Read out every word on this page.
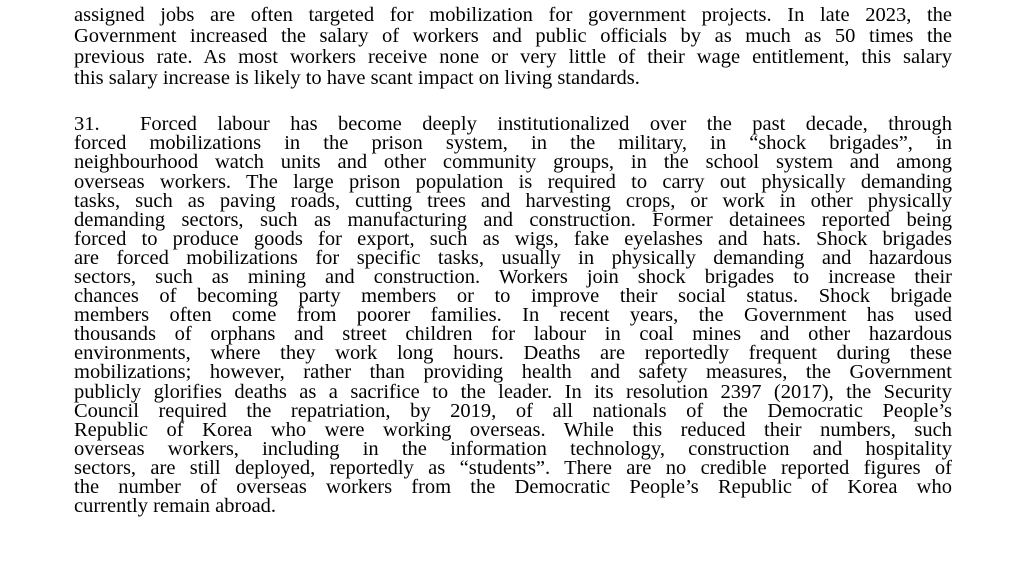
assigned jobs are often targeted for mobilization for government projects. In late 2023, the
Government increased the salary of workers and public officials by as much as 50 times the
previous rate. As most workers receive none or very little of their wage entitlement, this salary
this salary increase is likely to have scant impact on living standards.
31. Forced labour has become deeply institutionalized over the past decade, through
forced mobilizations in the prison system, in the military, in “shock brigades”, in
neighbourhood watch units and other community groups, in the school system and among
overseas workers. The large prison population is required to carry out physically demanding
tasks, such as paving roads, cutting trees and harvesting crops, or work in other physically
demanding sectors, such as manufacturing and construction. Former detainees reported being
forced to produce goods for export, such as wigs, fake eyelashes and hats. Shock brigades
are forced mobilizations for specific tasks, usually in physically demanding and hazardous
sectors, such as mining and construction. Workers join shock brigades to increase their
chances of becoming party members or to improve their social status. Shock brigade
members often come from poorer families. In recent years, the Government has used
thousands of orphans and street children for labour in coal mines and other hazardous
environments, where they work long hours. Deaths are reportedly frequent during these
mobilizations; however, rather than providing health and safety measures, the Government
publicly glorifies deaths as a sacrifice to the leader. In its resolution 2397 (2017), the Security
Council required the repatriation, by 2019, of all nationals of the Democratic People’s
Republic of Korea who were working overseas. While this reduced their numbers, such
overseas workers, including in the information technology, construction and hospitality
sectors, are still deployed, reportedly as “students”. There are no credible reported figures of
the number of overseas workers from the Democratic People’s Republic of Korea who
currently remain abroad.
